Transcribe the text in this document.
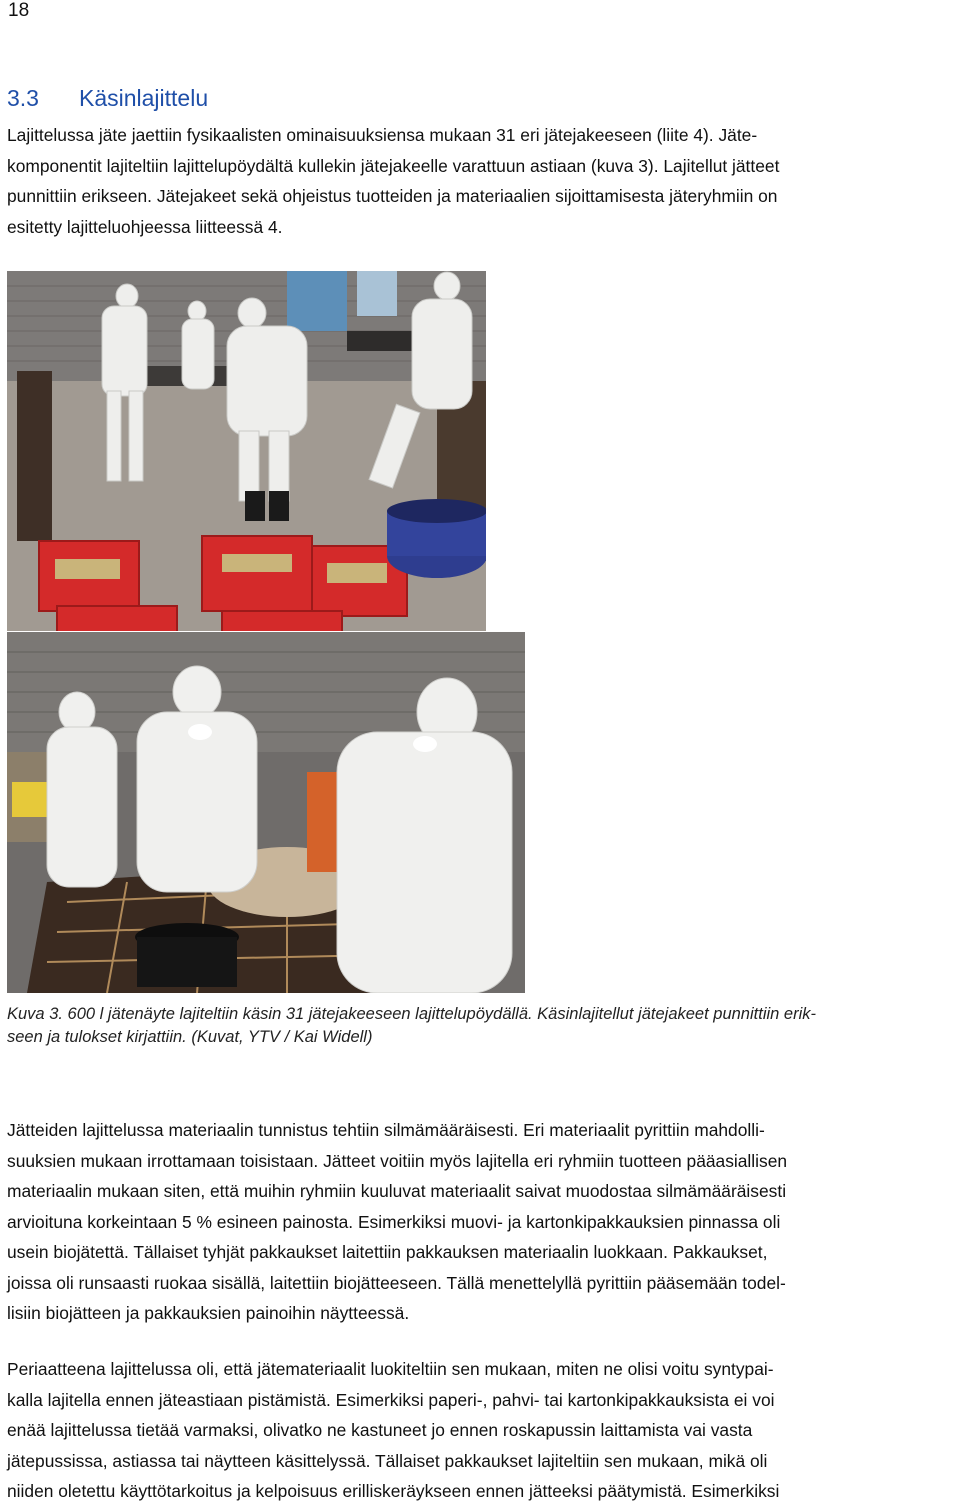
18
3.3 Käsinlajittelu

Lajittelussa jäte jaettiin fysikaalisten ominaisuuksiensa mukaan 31 eri jätejakeeseen (liite 4). Jäte-
komponentit lajiteltiin lajittelupöydältä kullekin jätejakeelle varattuun astiaan (kuva 3). Lajitellut jätteet
punnittiin erikseen. Jätejakeet sekä ohjeistus tuotteiden ja materiaalien sijoittamisesta jäteryhmiin on
esitetty lajitteluohjeessa liitteessä 4.

Kuva 3. 600 l jätenäyte lajiteltiin käsin 31 jätejakeeseen lajittelupöydällä. Käsinlajitellut jätejakeet punnittiin erik-
seen ja tulokset kirjattiin. (Kuvat, YTV / Kai Widell)

Jätteiden lajittelussa materiaalin tunnistus tehtiin silmämääräisesti. Eri materiaalit pyrittiin mahdolli-
suuksien mukaan irrottamaan toisistaan. Jätteet voitiin myös lajitella eri ryhmiin tuotteen pääasiallisen
materiaalin mukaan siten, että muihin ryhmiin kuuluvat materiaalit saivat muodostaa silmämääräisesti
arvioituna korkeintaan 5 % esineen painosta. Esimerkiksi muovi- ja kartonkipakkauksien pinnassa oli
usein biojätettä. Tällaiset tyhjät pakkaukset laitettiin pakkauksen materiaalin luokkaan. Pakkaukset,
joissa oli runsaasti ruokaa sisällä, laitettiin biojätteeseen. Tällä menettelyllä pyrittiin pääsemään todel-
lisiin biojätteen ja pakkauksien painoihin näytteessä.

Periaatteena lajittelussa oli, että jätemateriaalit luokiteltiin sen mukaan, miten ne olisi voitu syntypai-
kalla lajitella ennen jäteastiaan pistämistä. Esimerkiksi paperi-, pahvi- tai kartonkipakkauksista ei voi
enää lajittelussa tietää varmaksi, olivatko ne kastuneet jo ennen roskapussin laittamista vai vasta
jätepussissa, astiassa tai näytteen käsittelyssä. Tällaiset pakkaukset lajiteltiin sen mukaan, mikä oli
niiden oletettu käyttötarkoitus ja kelpoisuus erilliskeräykseen ennen jätteeksi päätymistä. Esimerkiksi
